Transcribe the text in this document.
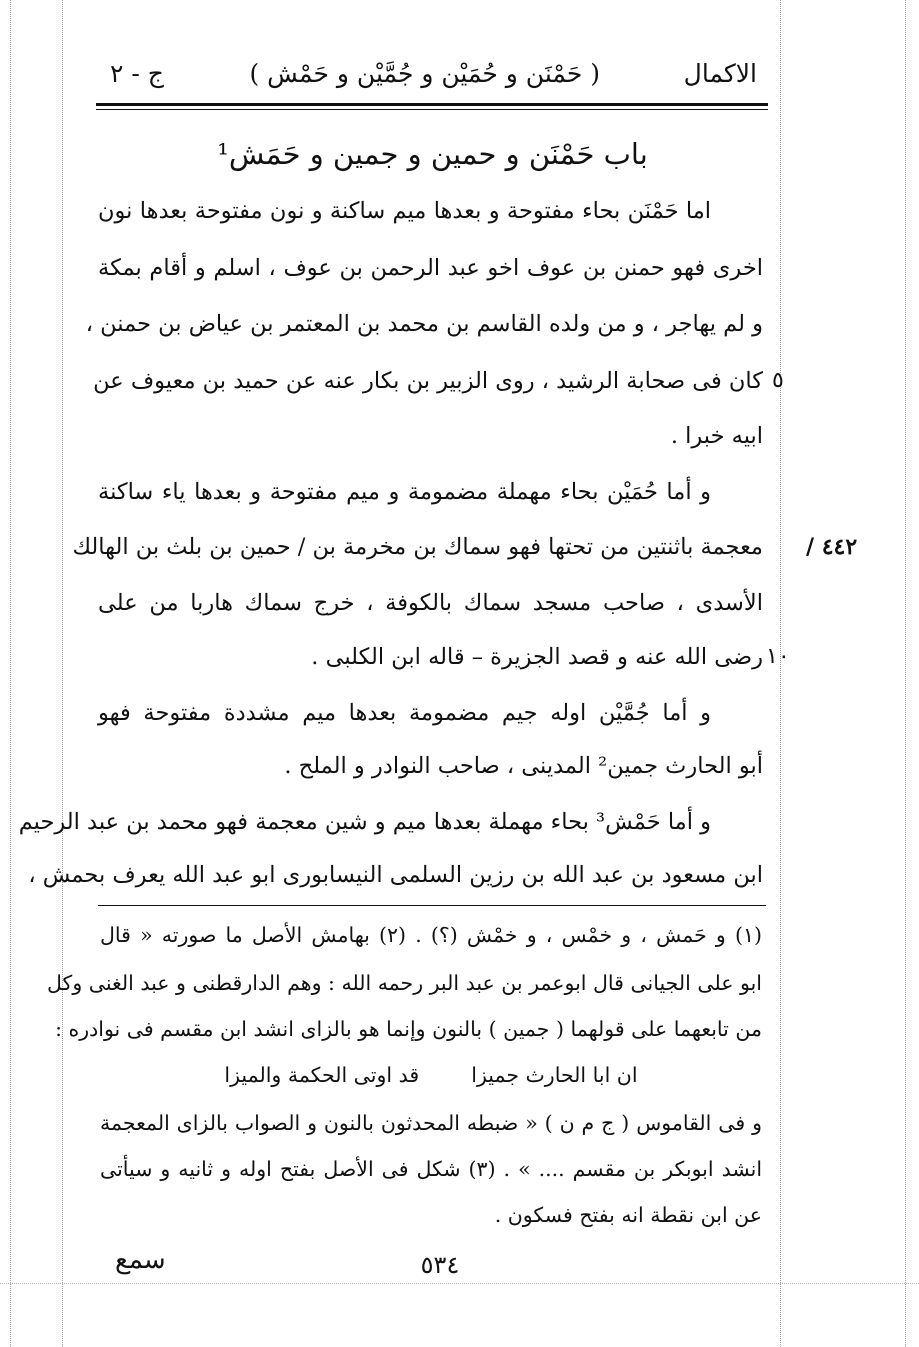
الاكمال
( حَمْنَن و حُمَيْن و جُمَّيْن و حَمْش )
ج - ٢
باب حَمْنَن و حمين و جمين و حَمَش¹
اما حَمْنَن بحاء مفتوحة و بعدها ميم ساكنة و نون مفتوحة بعدها نون
اخرى فهو حمنن بن عوف اخو عبد الرحمن بن عوف ، اسلم و أقام بمكة
و لم يهاجر ، و من ولده القاسم بن محمد بن المعتمر بن عياض بن حمنن ،
كان فى صحابة الرشيد ، روى الزبير بن بكار عنه عن حميد بن معيوف عن
ابيه خبرا .
و أما حُمَيْن بحاء مهملة مضمومة و ميم مفتوحة و بعدها ياء ساكنة
معجمة باثنتين من تحتها فهو سماك بن مخرمة بن / حمين بن بلث بن الهالك
الأسدى ، صاحب مسجد سماك بالكوفة ، خرج سماك هاربا من على
رضى الله عنه و قصد الجزيرة – قاله ابن الكلبى .
و أما جُمَّيْن اوله جيم مضمومة بعدها ميم مشددة مفتوحة فهو
أبو الحارث جمين² المدينى ، صاحب النوادر و الملح .
و أما حَمْش³ بحاء مهملة بعدها ميم و شين معجمة فهو محمد بن عبد الرحيم
ابن مسعود بن عبد الله بن رزين السلمى النيسابورى ابو عبد الله يعرف بحمش ،
٥
١٠
٤٤٢ /
(١) و حَمش ، و خمْس ، و خمْش (؟) . (٢) بهامش الأصل ما صورته « قال
ابو على الجيانى قال ابوعمر بن عبد البر رحمه الله : وهم الدارقطنى و عبد الغنى وكل
من تابعهما على قولهما ( جمين ) بالنون وإنما هو بالزاى انشد ابن مقسم فى نوادره :
ان ابا الحارث جميزا        قد اوتى الحكمة والميزا
و فى القاموس ( ج م ن ) « ضبطه المحدثون بالنون و الصواب بالزاى المعجمة
انشد ابوبكر بن مقسم .... » . (٣) شكل فى الأصل بفتح اوله و ثانيه و سيأتى
عن ابن نقطة انه بفتح فسكون .
سمع	٥٣٤
